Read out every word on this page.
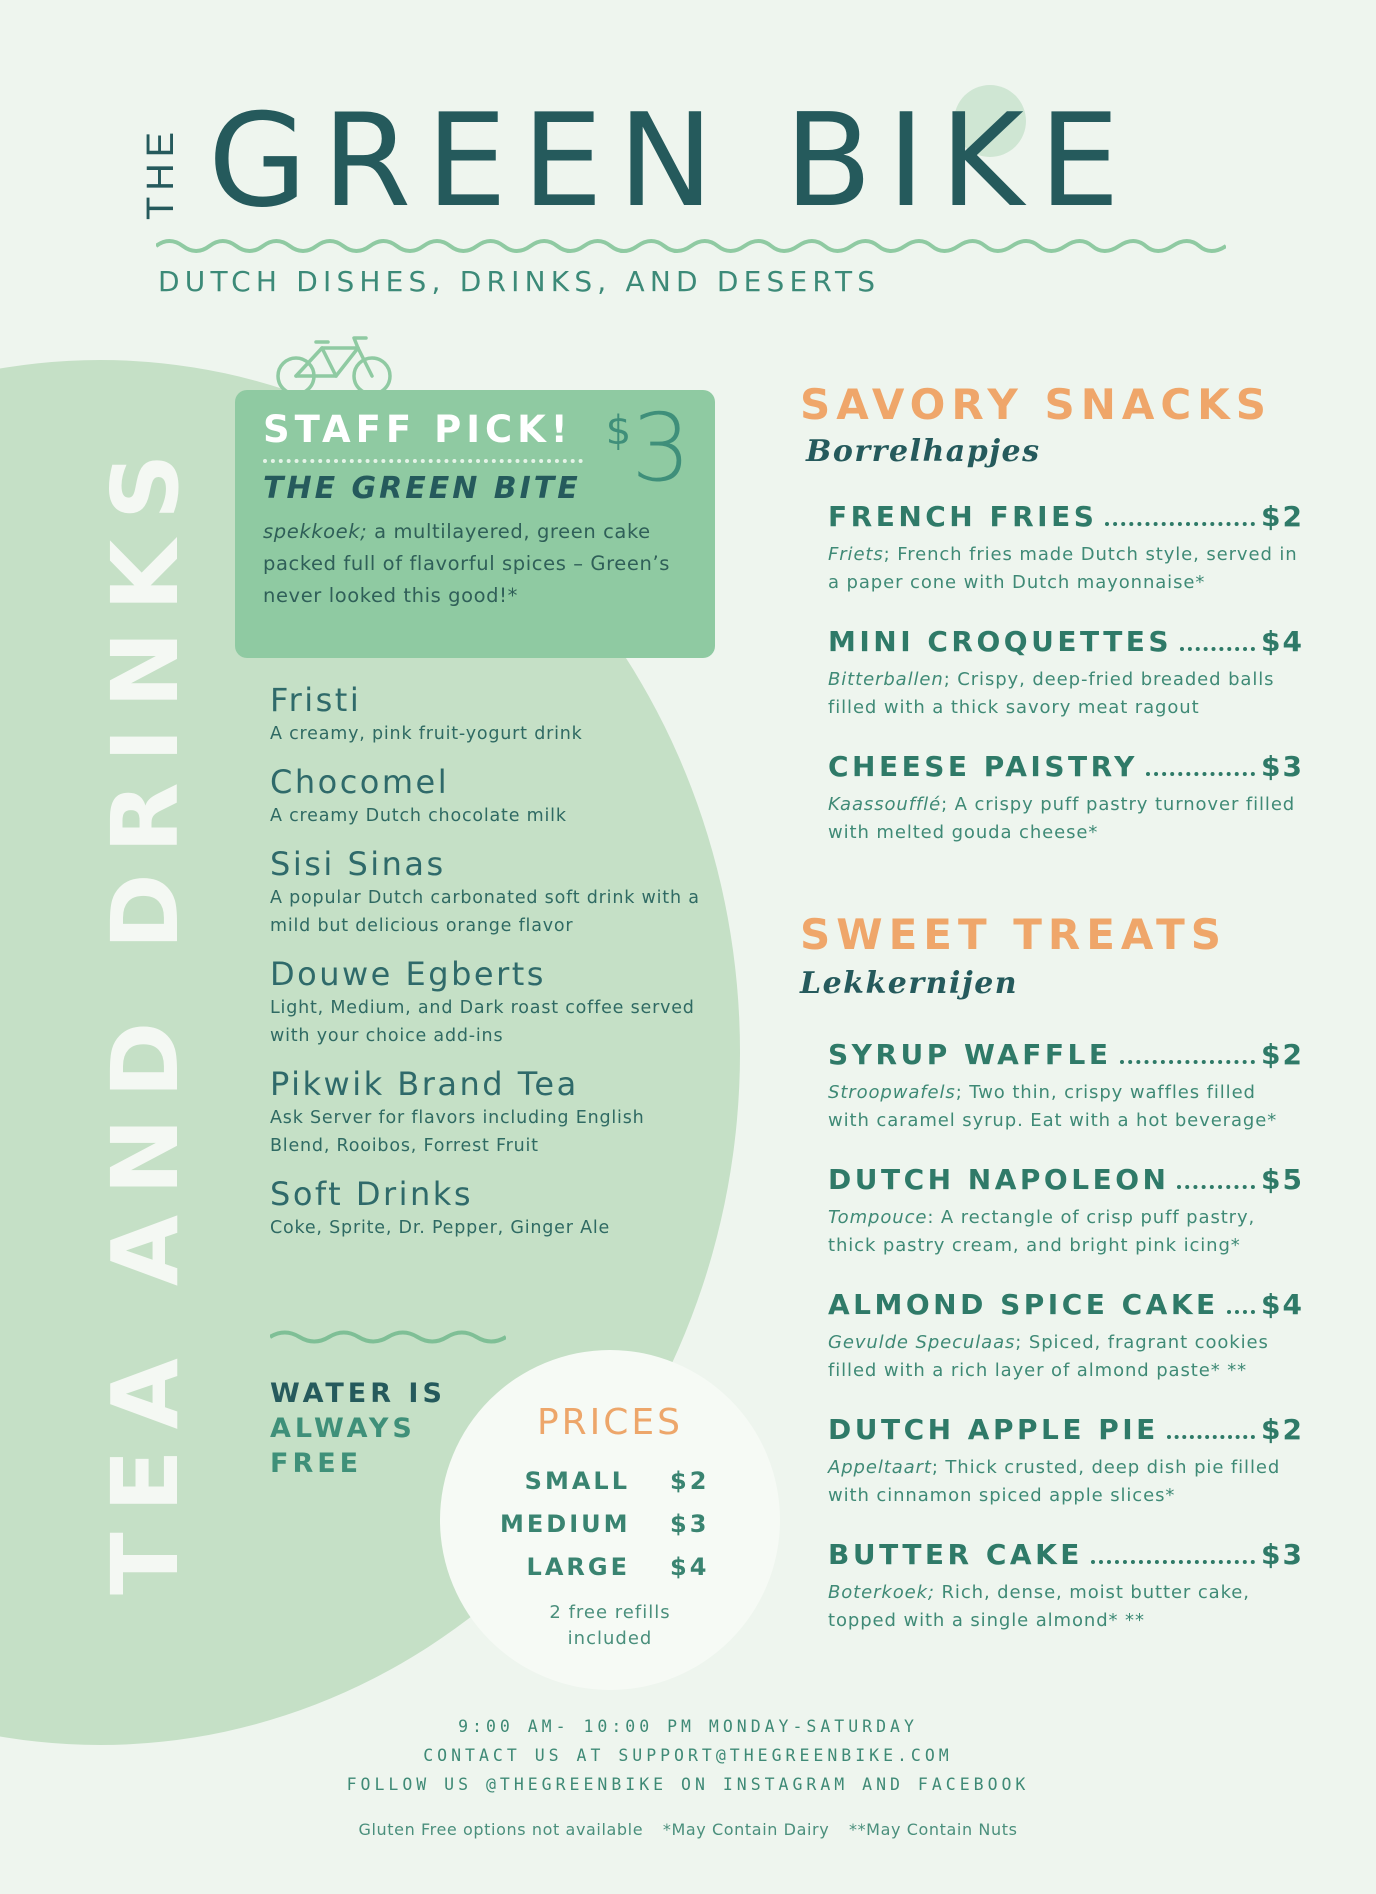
THE GREEN BIKE
DUTCH DISHES, DRINKS, AND DESERTS
TEA AND DRINKS
STAFF PICK! $3
THE GREEN BITE
spekkoek; a multilayered, green cake packed full of flavorful spices – Green’s never looked this good!*
Fristi
A creamy, pink fruit-yogurt drink
Chocomel
A creamy Dutch chocolate milk
Sisi Sinas
A popular Dutch carbonated soft drink with a mild but delicious orange flavor
Douwe Egberts
Light, Medium, and Dark roast coffee served with your choice add-ins
Pikwik Brand Tea
Ask Server for flavors including English Blend, Rooibos, Forrest Fruit
Soft Drinks
Coke, Sprite, Dr. Pepper, Ginger Ale
WATER IS
ALWAYS
FREE
PRICES
SMALL $2
MEDIUM $3
LARGE $4
2 free refills included
SAVORY SNACKS
Borrelhapjes
FRENCH FRIES	$2
Friets; French fries made Dutch style, served in a paper cone with Dutch mayonnaise*
MINI CROQUETTES	$4
Bitterballen; Crispy, deep-fried breaded balls filled with a thick savory meat ragout
CHEESE PAISTRY	$3
Kaassoufflé; A crispy puff pastry turnover filled with melted gouda cheese*
SWEET TREATS
Lekkernijen
SYRUP WAFFLE	$2
Stroopwafels; Two thin, crispy waffles filled with caramel syrup. Eat with a hot beverage*
DUTCH NAPOLEON	$5
Tompouce: A rectangle of crisp puff pastry, thick pastry cream, and bright pink icing*
ALMOND SPICE CAKE $4
Gevulde Speculaas; Spiced, fragrant cookies filled with a rich layer of almond paste* **
DUTCH APPLE PIE	$2
Appeltaart; Thick crusted, deep dish pie filled with cinnamon spiced apple slices*
BUTTER CAKE	$3
Boterkoek; Rich, dense, moist butter cake, topped with a single almond* **
9:00 AM- 10:00 PM MONDAY-SATURDAY
CONTACT US AT SUPPORT@THEGREENBIKE.COM
FOLLOW US @THEGREENBIKE ON INSTAGRAM AND FACEBOOK
Gluten Free options not available *May Contain Dairy **May Contain Nuts
